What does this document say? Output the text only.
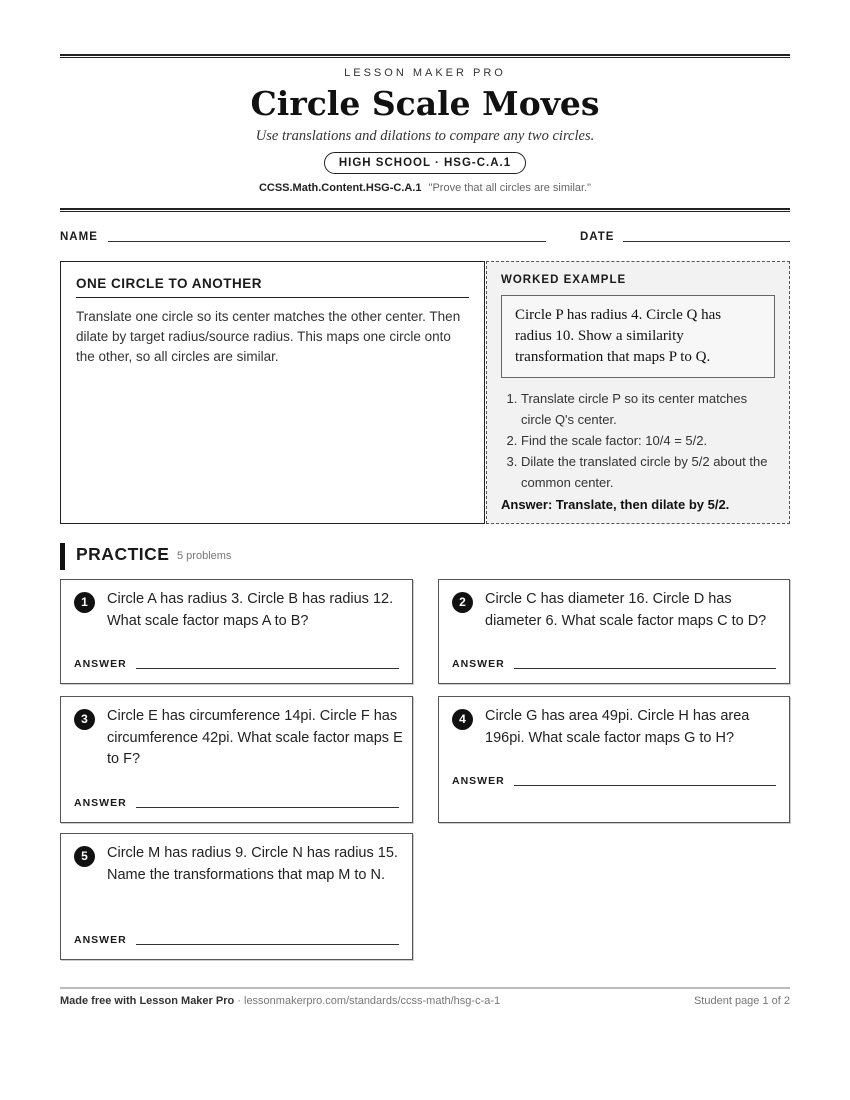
LESSON MAKER PRO
Circle Scale Moves
Use translations and dilations to compare any two circles.
HIGH SCHOOL · HSG-C.A.1
CCSS.Math.Content.HSG-C.A.1 "Prove that all circles are similar."
NAME	DATE
ONE CIRCLE TO ANOTHER
Translate one circle so its center matches the other center. Then dilate by target radius/source radius. This maps one circle onto the other, so all circles are similar.
WORKED EXAMPLE
Circle P has radius 4. Circle Q has radius 10. Show a similarity transformation that maps P to Q.
1. Translate circle P so its center matches circle Q's center.
2. Find the scale factor: 10/4 = 5/2.
3. Dilate the translated circle by 5/2 about the common center.
Answer: Translate, then dilate by 5/2.
PRACTICE 5 problems
1	Circle A has radius 3. Circle B has radius 12. What scale factor maps A to B?
ANSWER
2	Circle C has diameter 16. Circle D has diameter 6. What scale factor maps C to D?
ANSWER
3	Circle E has circumference 14pi. Circle F has circumference 42pi. What scale factor maps E to F?
ANSWER
4	Circle G has area 49pi. Circle H has area 196pi. What scale factor maps G to H?
ANSWER
5	Circle M has radius 9. Circle N has radius 15. Name the transformations that map M to N.
ANSWER
Made free with Lesson Maker Pro · lessonmakerpro.com/standards/ccss-math/hsg-c-a-1	Student page 1 of 2
